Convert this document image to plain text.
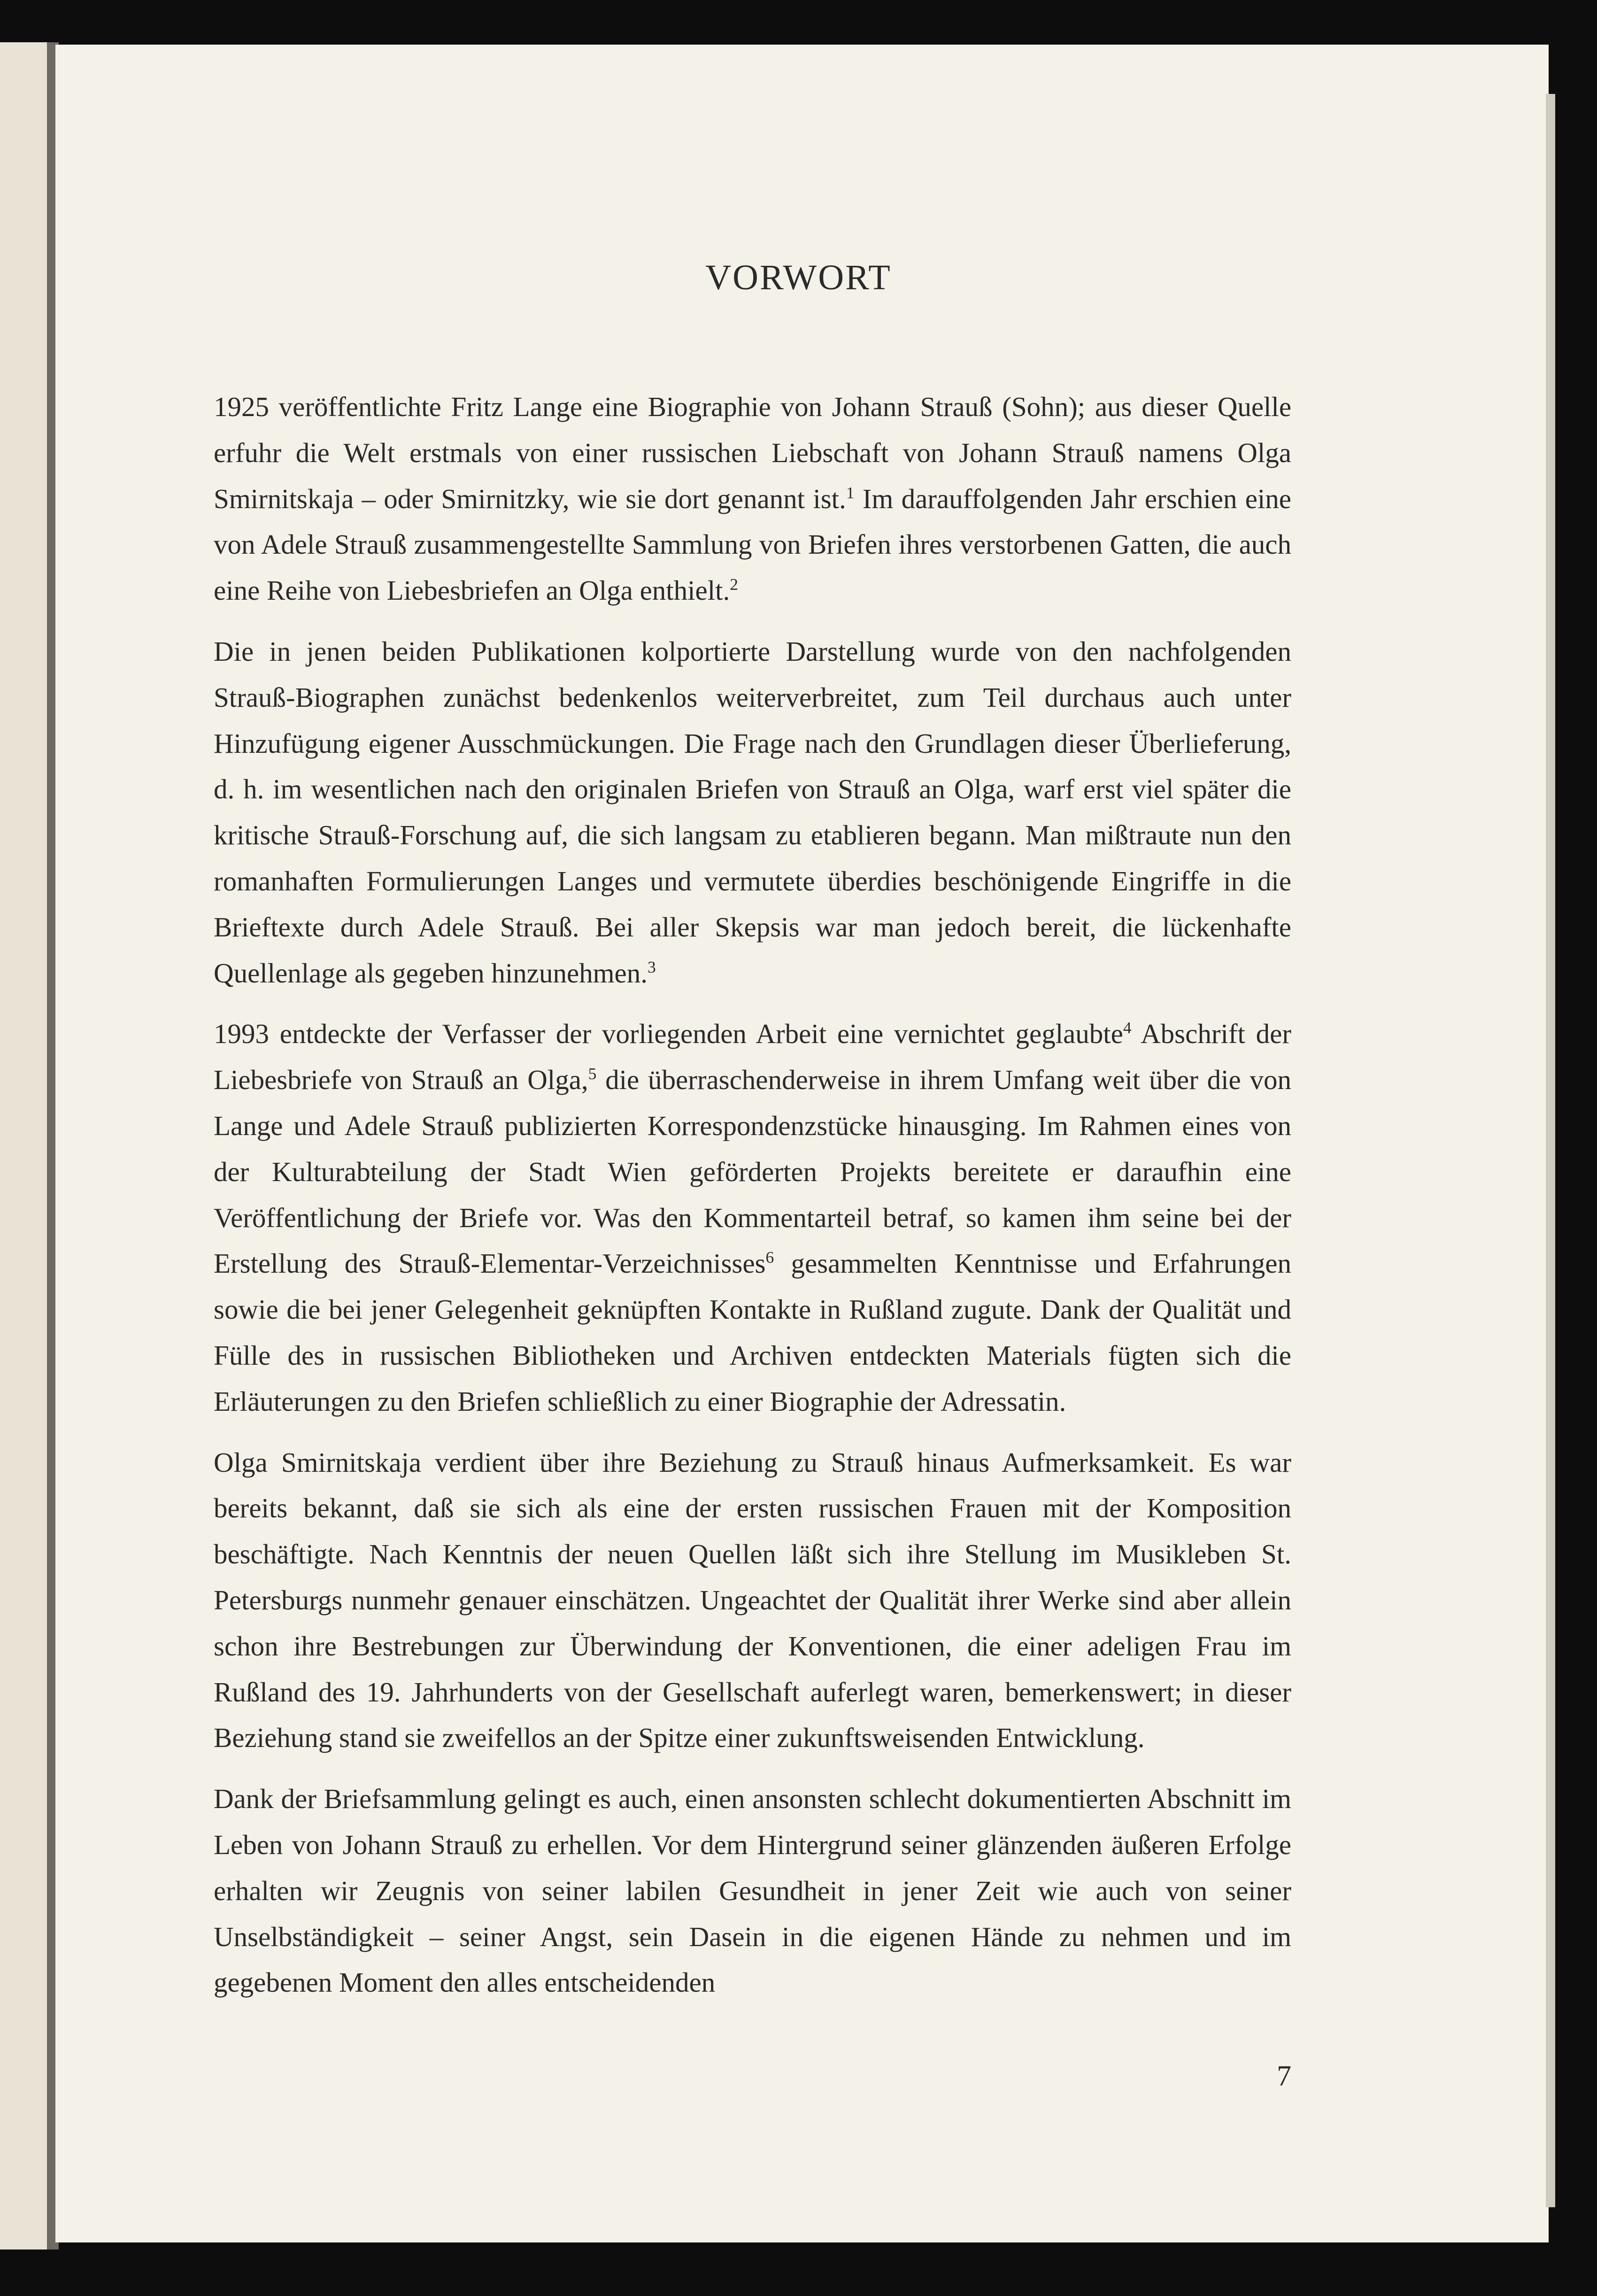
VORWORT

1925 veröffentlichte Fritz Lange eine Biographie von Johann Strauß (Sohn); aus dieser Quelle erfuhr die Welt erstmals von einer russischen Liebschaft von Johann Strauß namens Olga Smirnitskaja – oder Smirnitzky, wie sie dort genannt ist.$^1$ Im darauffolgenden Jahr erschien eine von Adele Strauß zusammengestellte Sammlung von Briefen ihres verstorbenen Gatten, die auch eine Reihe von Liebesbriefen an Olga enthielt.$^2$

Die in jenen beiden Publikationen kolportierte Darstellung wurde von den nachfolgenden Strauß-Biographen zunächst bedenkenlos weiterverbreitet, zum Teil durchaus auch unter Hinzufügung eigener Ausschmückungen. Die Frage nach den Grundlagen dieser Überlieferung, d. h. im wesentlichen nach den originalen Briefen von Strauß an Olga, warf erst viel später die kritische Strauß-Forschung auf, die sich langsam zu etablieren begann. Man mißtraute nun den romanhaften Formulierungen Langes und vermutete überdies beschönigende Eingriffe in die Brieftexte durch Adele Strauß. Bei aller Skepsis war man jedoch bereit, die lückenhafte Quellenlage als gegeben hinzunehmen.$^3$

1993 entdeckte der Verfasser der vorliegenden Arbeit eine vernichtet geglaubte$^4$ Abschrift der Liebesbriefe von Strauß an Olga,$^5$ die überraschenderweise in ihrem Umfang weit über die von Lange und Adele Strauß publizierten Korrespondenzstücke hinausging. Im Rahmen eines von der Kulturabteilung der Stadt Wien geförderten Projekts bereitete er daraufhin eine Veröffentlichung der Briefe vor. Was den Kommentarteil betraf, so kamen ihm seine bei der Erstellung des Strauß-Elementar-Verzeichnisses$^6$ gesammelten Kenntnisse und Erfahrungen sowie die bei jener Gelegenheit geknüpften Kontakte in Rußland zugute. Dank der Qualität und Fülle des in russischen Bibliotheken und Archiven entdeckten Materials fügten sich die Erläuterungen zu den Briefen schließlich zu einer Biographie der Adressatin.

Olga Smirnitskaja verdient über ihre Beziehung zu Strauß hinaus Aufmerksamkeit. Es war bereits bekannt, daß sie sich als eine der ersten russischen Frauen mit der Komposition beschäftigte. Nach Kenntnis der neuen Quellen läßt sich ihre Stellung im Musikleben St. Petersburgs nunmehr genauer einschätzen. Ungeachtet der Qualität ihrer Werke sind aber allein schon ihre Bestrebungen zur Überwindung der Konventionen, die einer adeligen Frau im Rußland des 19. Jahrhunderts von der Gesellschaft auferlegt waren, bemerkenswert; in dieser Beziehung stand sie zweifellos an der Spitze einer zukunftsweisenden Entwicklung.

Dank der Briefsammlung gelingt es auch, einen ansonsten schlecht dokumentierten Abschnitt im Leben von Johann Strauß zu erhellen. Vor dem Hintergrund seiner glänzenden äußeren Erfolge erhalten wir Zeugnis von seiner labilen Gesundheit in jener Zeit wie auch von seiner Unselbständigkeit – seiner Angst, sein Dasein in die eigenen Hände zu nehmen und im gegebenen Moment den alles entscheidenden

7
